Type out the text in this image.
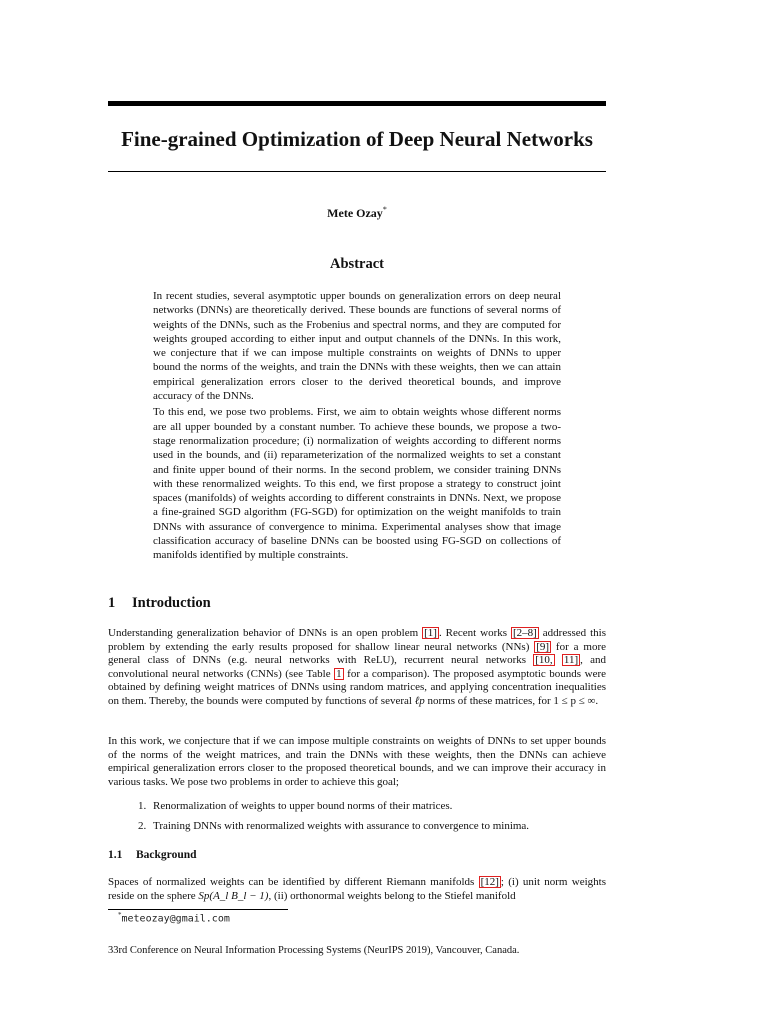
Fine-grained Optimization of Deep Neural Networks
Mete Ozay*
Abstract

In recent studies, several asymptotic upper bounds on generalization errors on deep neural networks (DNNs) are theoretically derived. These bounds are functions of several norms of weights of the DNNs, such as the Frobenius and spectral norms, and they are computed for weights grouped according to either input and output channels of the DNNs. In this work, we conjecture that if we can impose multiple constraints on weights of DNNs to upper bound the norms of the weights, and train the DNNs with these weights, then we can attain empirical generalization errors closer to the derived theoretical bounds, and improve accuracy of the DNNs.

To this end, we pose two problems. First, we aim to obtain weights whose different norms are all upper bounded by a constant number. To achieve these bounds, we propose a two-stage renormalization procedure; (i) normalization of weights according to different norms used in the bounds, and (ii) reparameterization of the normalized weights to set a constant and finite upper bound of their norms. In the second problem, we consider training DNNs with these renormalized weights. To this end, we first propose a strategy to construct joint spaces (manifolds) of weights according to different constraints in DNNs. Next, we propose a fine-grained SGD algorithm (FG-SGD) for optimization on the weight manifolds to train DNNs with assurance of convergence to minima. Experimental analyses show that image classification accuracy of baseline DNNs can be boosted using FG-SGD on collections of manifolds identified by multiple constraints.

1 Introduction

Understanding generalization behavior of DNNs is an open problem [1] . Recent works [2–8] addressed this problem by extending the early results proposed for shallow linear neural networks (NNs) [9] for a more general class of DNNs (e.g. neural networks with ReLU), recurrent neural networks [10, 11] , and convolutional neural networks (CNNs) (see Table 1 for a comparison). The proposed asymptotic bounds were obtained by defining weight matrices of DNNs using random matrices, and applying concentration inequalities on them. Thereby, the bounds were computed by functions of several ℓp norms of these matrices, for 1 ≤ p ≤ ∞.

In this work, we conjecture that if we can impose multiple constraints on weights of DNNs to set upper bounds of the norms of the weight matrices, and train the DNNs with these weights, then the DNNs can achieve empirical generalization errors closer to the proposed theoretical bounds, and we can improve their accuracy in various tasks. We pose two problems in order to achieve this goal;

1. Renormalization of weights to upper bound norms of their matrices.
2. Training DNNs with renormalized weights with assurance to convergence to minima.
1.1 Background

Spaces of normalized weights can be identified by different Riemann manifolds [12] ; (i) unit norm weights reside on the sphere Sp(A_l B_l − 1), (ii) orthonormal weights belong to the Stiefel manifold

*meteozay@gmail.com
33rd Conference on Neural Information Processing Systems (NeurIPS 2019), Vancouver, Canada.
